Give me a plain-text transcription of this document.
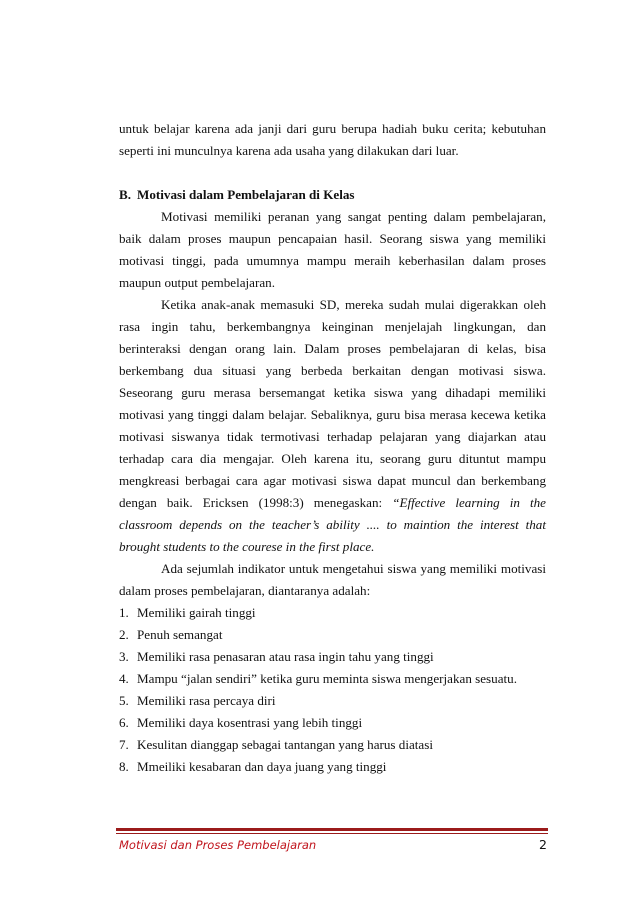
untuk belajar karena ada janji dari guru berupa hadiah buku cerita; kebutuhan seperti ini munculnya karena ada usaha yang dilakukan dari luar.

B. Motivasi dalam Pembelajaran di Kelas

Motivasi memiliki peranan yang sangat penting dalam pembelajaran, baik dalam proses maupun pencapaian hasil. Seorang siswa yang memiliki motivasi tinggi, pada umumnya mampu meraih keberhasilan dalam proses maupun output pembelajaran.

Ketika anak-anak memasuki SD, mereka sudah mulai digerakkan oleh rasa ingin tahu, berkembangnya keinginan menjelajah lingkungan, dan berinteraksi dengan orang lain. Dalam proses pembelajaran di kelas, bisa berkembang dua situasi yang berbeda berkaitan dengan motivasi siswa. Seseorang guru merasa bersemangat ketika siswa yang dihadapi memiliki motivasi yang tinggi dalam belajar. Sebaliknya, guru bisa merasa kecewa ketika motivasi siswanya tidak termotivasi terhadap pelajaran yang diajarkan atau terhadap cara dia mengajar. Oleh karena itu, seorang guru dituntut mampu mengkreasi berbagai cara agar motivasi siswa dapat muncul dan berkembang dengan baik. Ericksen (1998:3) menegaskan: “Effective learning in the classroom depends on the teacher’s ability .... to maintion the interest that brought students to the courese in the first place.

Ada sejumlah indikator untuk mengetahui siswa yang memiliki motivasi dalam proses pembelajaran, diantaranya adalah:

1. Memiliki gairah tinggi
2. Penuh semangat
3. Memiliki rasa penasaran atau rasa ingin tahu yang tinggi
4. Mampu “jalan sendiri” ketika guru meminta siswa mengerjakan sesuatu.
5. Memiliki rasa percaya diri
6. Memiliki daya kosentrasi yang lebih tinggi
7. Kesulitan dianggap sebagai tantangan yang harus diatasi
8. Mmeiliki kesabaran dan daya juang yang tinggi
Motivasi dan Proses Pembelajaran	2
